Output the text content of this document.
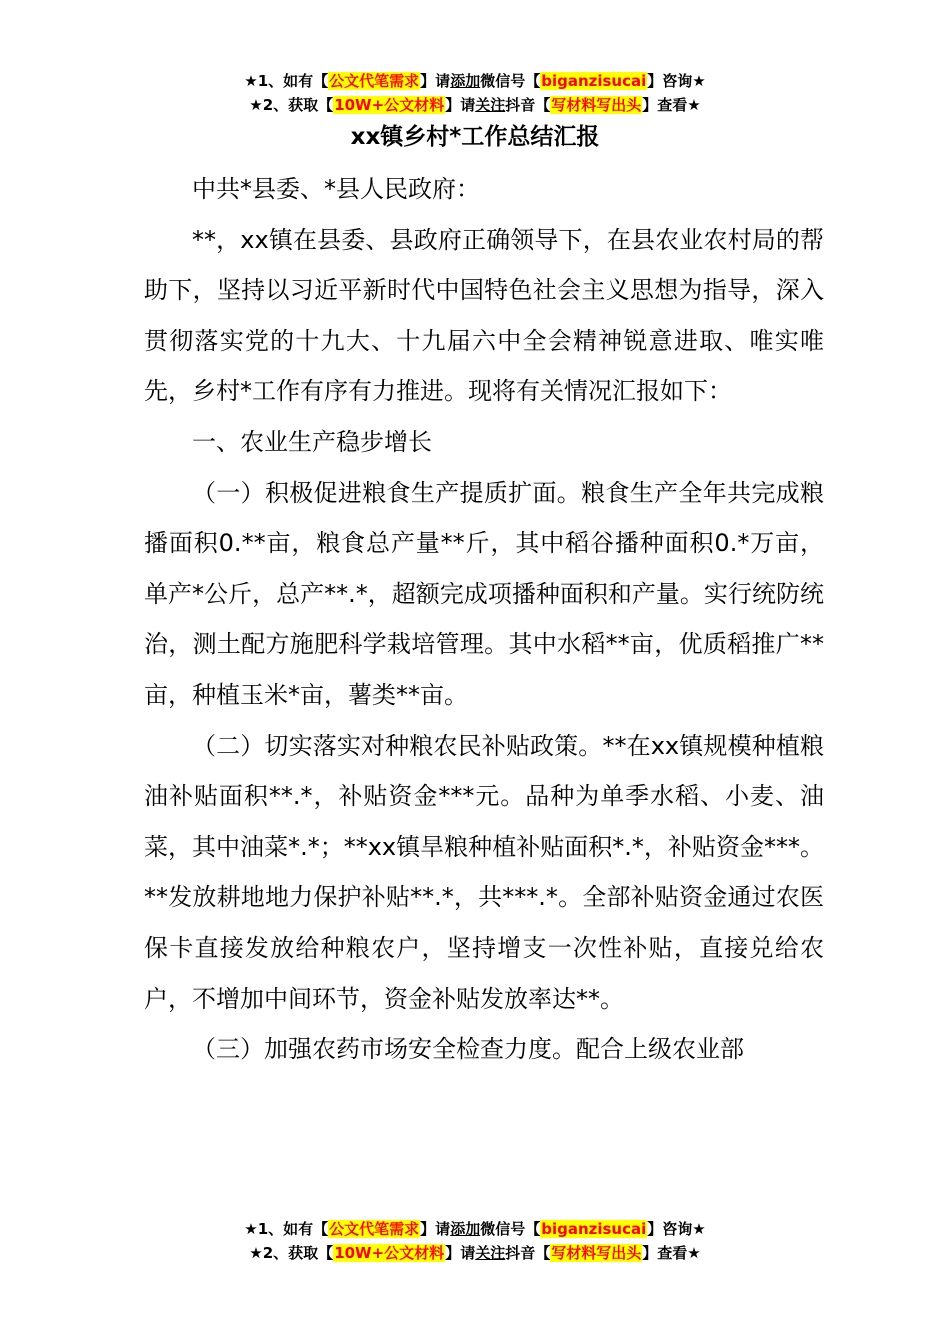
★1、如有【公文代笔需求】请添加微信号【biganzisucai】咨询★
★2、获取【10W+公文材料】请关注抖音【写材料写出头】查看★
xx镇乡村*工作总结汇报

中共*县委、*县人民政府：

**，xx镇在县委、县政府正确领导下，在县农业农村局的帮助下，坚持以习近平新时代中国特色社会主义思想为指导，深入贯彻落实党的十九大、十九届六中全会精神锐意进取、唯实唯先，乡村*工作有序有力推进。现将有关情况汇报如下：

一、农业生产稳步增长

（一）积极促进粮食生产提质扩面。粮食生产全年共完成粮播面积0.**亩，粮食总产量**斤，其中稻谷播种面积0.*万亩，单产*公斤，总产**.*，超额完成项播种面积和产量。实行统防统治，测土配方施肥科学栽培管理。其中水稻**亩，优质稻推广**亩，种植玉米*亩，薯类**亩。

（二）切实落实对种粮农民补贴政策。**在xx镇规模种植粮油补贴面积**.*，补贴资金***元。品种为单季水稻、小麦、油菜，其中油菜*.*；**xx镇旱粮种植补贴面积*.*，补贴资金***。**发放耕地地力保护补贴**.*，共***.*。全部补贴资金通过农医保卡直接发放给种粮农户，坚持增支一次性补贴，直接兑给农户，不增加中间环节，资金补贴发放率达**。

（三）加强农药市场安全检查力度。配合上级农业部

★1、如有【公文代笔需求】请添加微信号【biganzisucai】咨询★
★2、获取【10W+公文材料】请关注抖音【写材料写出头】查看★
